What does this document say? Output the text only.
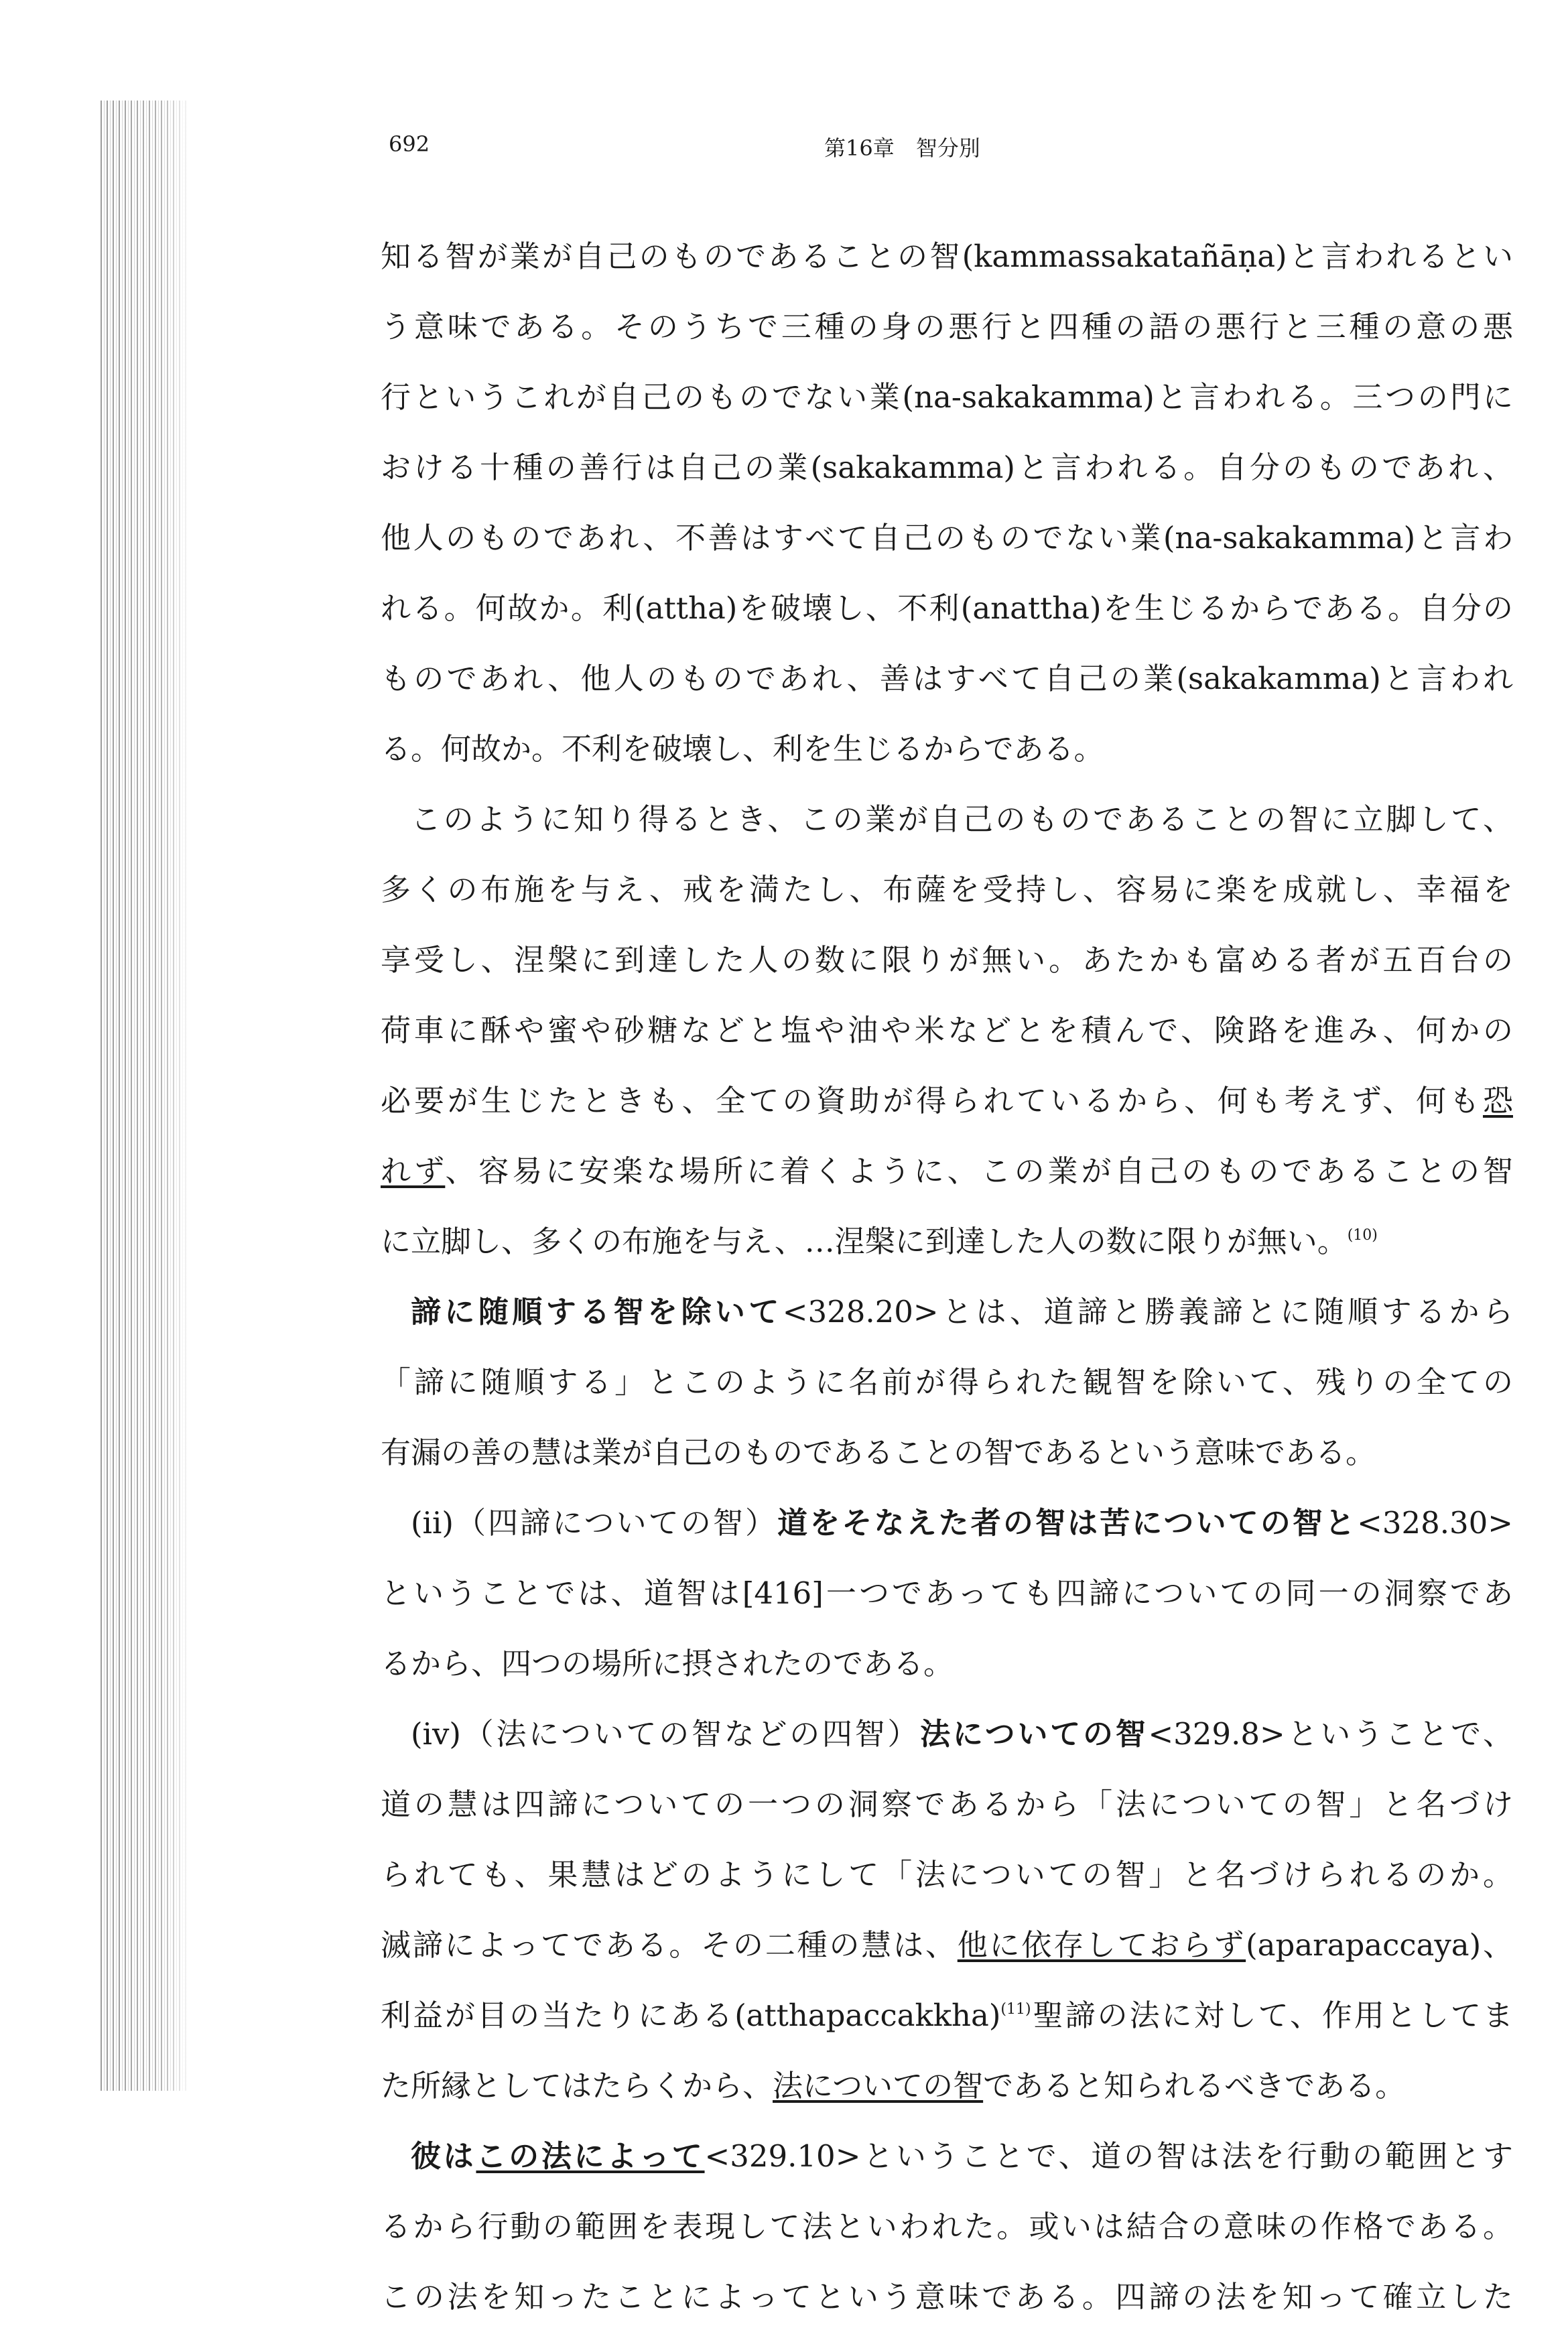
692	第16章　智分別
知る智が業が自己のものであることの智(kammassakatañāṇa)と言われるとい
う意味である。そのうちで三種の身の悪行と四種の語の悪行と三種の意の悪
行というこれが自己のものでない業(na-sakakamma)と言われる。三つの門に
おける十種の善行は自己の業(sakakamma)と言われる。自分のものであれ、
他人のものであれ、不善はすべて自己のものでない業(na-sakakamma)と言わ
れる。何故か。利(attha)を破壊し、不利(anattha)を生じるからである。自分の
ものであれ、他人のものであれ、善はすべて自己の業(sakakamma)と言われ
る。何故か。不利を破壊し、利を生じるからである。
このように知り得るとき、この業が自己のものであることの智に立脚して、
多くの布施を与え、戒を満たし、布薩を受持し、容易に楽を成就し、幸福を
享受し、涅槃に到達した人の数に限りが無い。あたかも富める者が五百台の
荷車に酥や蜜や砂糖などと塩や油や米などとを積んで、険路を進み、何かの
必要が生じたときも、全ての資助が得られているから、何も考えず、何も恐
れず、容易に安楽な場所に着くように、この業が自己のものであることの智
に立脚し、多くの布施を与え、…涅槃に到達した人の数に限りが無い。$^{(10)}$
諦に随順する智を除いて<328.20>とは、道諦と勝義諦とに随順するから
「諦に随順する」とこのように名前が得られた観智を除いて、残りの全ての
有漏の善の慧は業が自己のものであることの智であるという意味である。
(ii)（四諦についての智）道をそなえた者の智は苦についての智と<328.30>
ということでは、道智は[416]一つであっても四諦についての同一の洞察であ
るから、四つの場所に摂されたのである。
(iv)（法についての智などの四智）法についての智<329.8>ということで、
道の慧は四諦についての一つの洞察であるから「法についての智」と名づけ
られても、果慧はどのようにして「法についての智」と名づけられるのか。
滅諦によってである。その二種の慧は、他に依存しておらず(aparapaccaya)、
利益が目の当たりにある(atthapaccakkha)$^{(11)}$聖諦の法に対して、作用としてま
た所縁としてはたらくから、法についての智であると知られるべきである。
彼はこの法によって<329.10>ということで、道の智は法を行動の範囲とす
るから行動の範囲を表現して法といわれた。或いは結合の意味の作格である。
この法を知ったことによってという意味である。四諦の法を知って確立した
